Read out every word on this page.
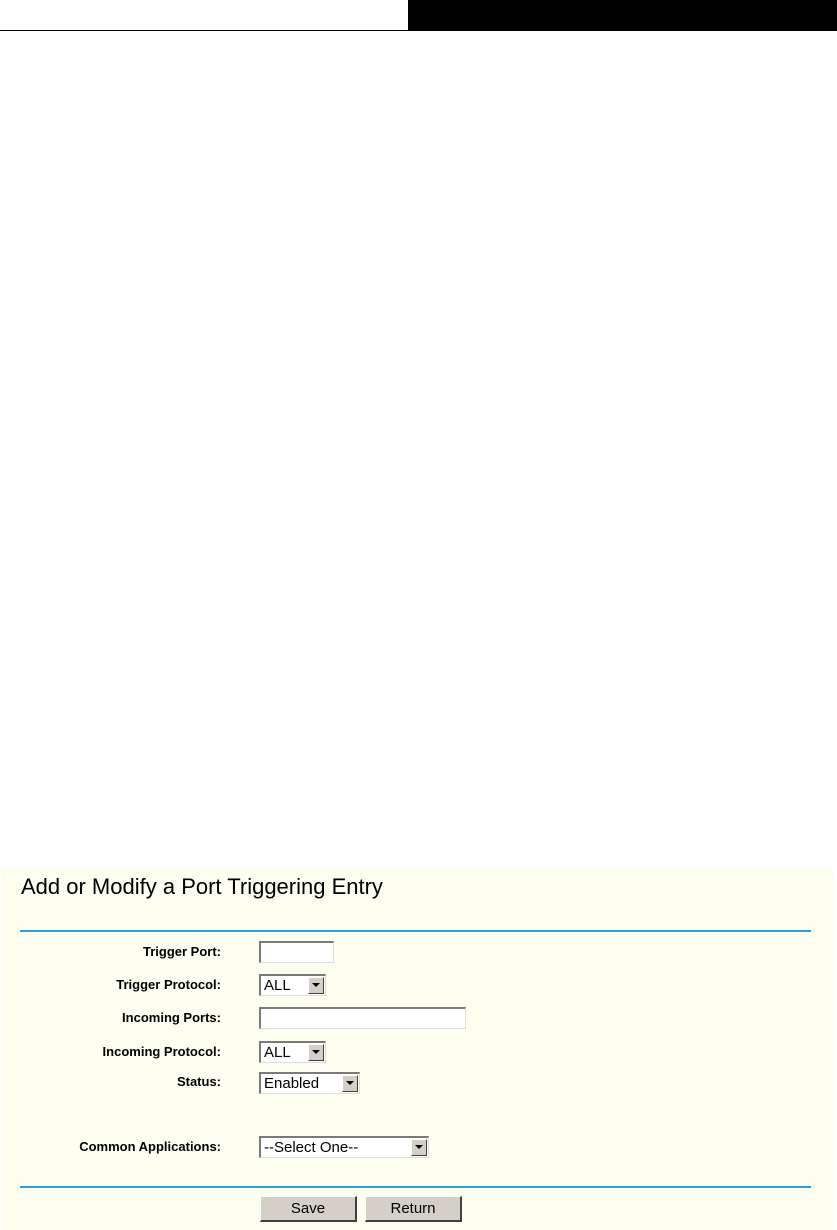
Add or Modify a Port Triggering Entry
Trigger Port:
Trigger Protocol:	ALL
Incoming Ports:
Incoming Protocol:	ALL
Status:	Enabled
Common Applications:	--Select One--
Save	Return
